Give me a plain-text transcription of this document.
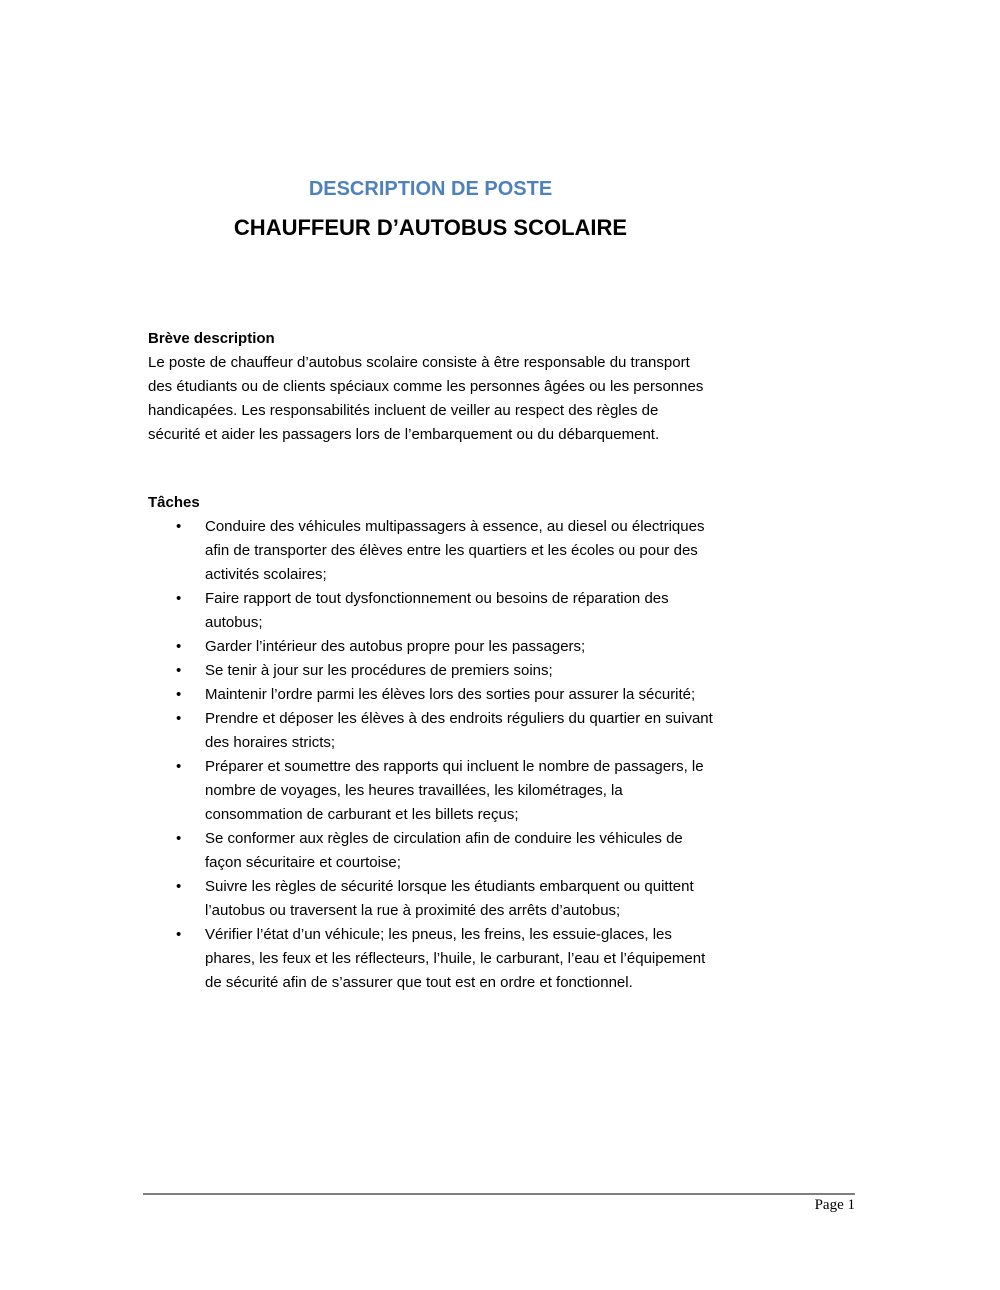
DESCRIPTION DE POSTE
CHAUFFEUR D’AUTOBUS SCOLAIRE
Brève description

Le poste de chauffeur d’autobus scolaire consiste à être responsable du transport des étudiants ou de clients spéciaux comme les personnes âgées ou les personnes handicapées. Les responsabilités incluent de veiller au respect des règles de sécurité et aider les passagers lors de l’embarquement ou du débarquement.

Tâches
• Conduire des véhicules multipassagers à essence, au diesel ou électriques afin de transporter des élèves entre les quartiers et les écoles ou pour des activités scolaires;
• Faire rapport de tout dysfonctionnement ou besoins de réparation des autobus;
• Garder l’intérieur des autobus propre pour les passagers;
• Se tenir à jour sur les procédures de premiers soins;
• Maintenir l’ordre parmi les élèves lors des sorties pour assurer la sécurité;
• Prendre et déposer les élèves à des endroits réguliers du quartier en suivant des horaires stricts;
• Préparer et soumettre des rapports qui incluent le nombre de passagers, le nombre de voyages, les heures travaillées, les kilométrages, la consommation de carburant et les billets reçus;
• Se conformer aux règles de circulation afin de conduire les véhicules de façon sécuritaire et courtoise;
• Suivre les règles de sécurité lorsque les étudiants embarquent ou quittent l’autobus ou traversent la rue à proximité des arrêts d’autobus;
• Vérifier l’état d’un véhicule; les pneus, les freins, les essuie-glaces, les phares, les feux et les réflecteurs, l’huile, le carburant, l’eau et l’équipement de sécurité afin de s’assurer que tout est en ordre et fonctionnel.
Page 1
